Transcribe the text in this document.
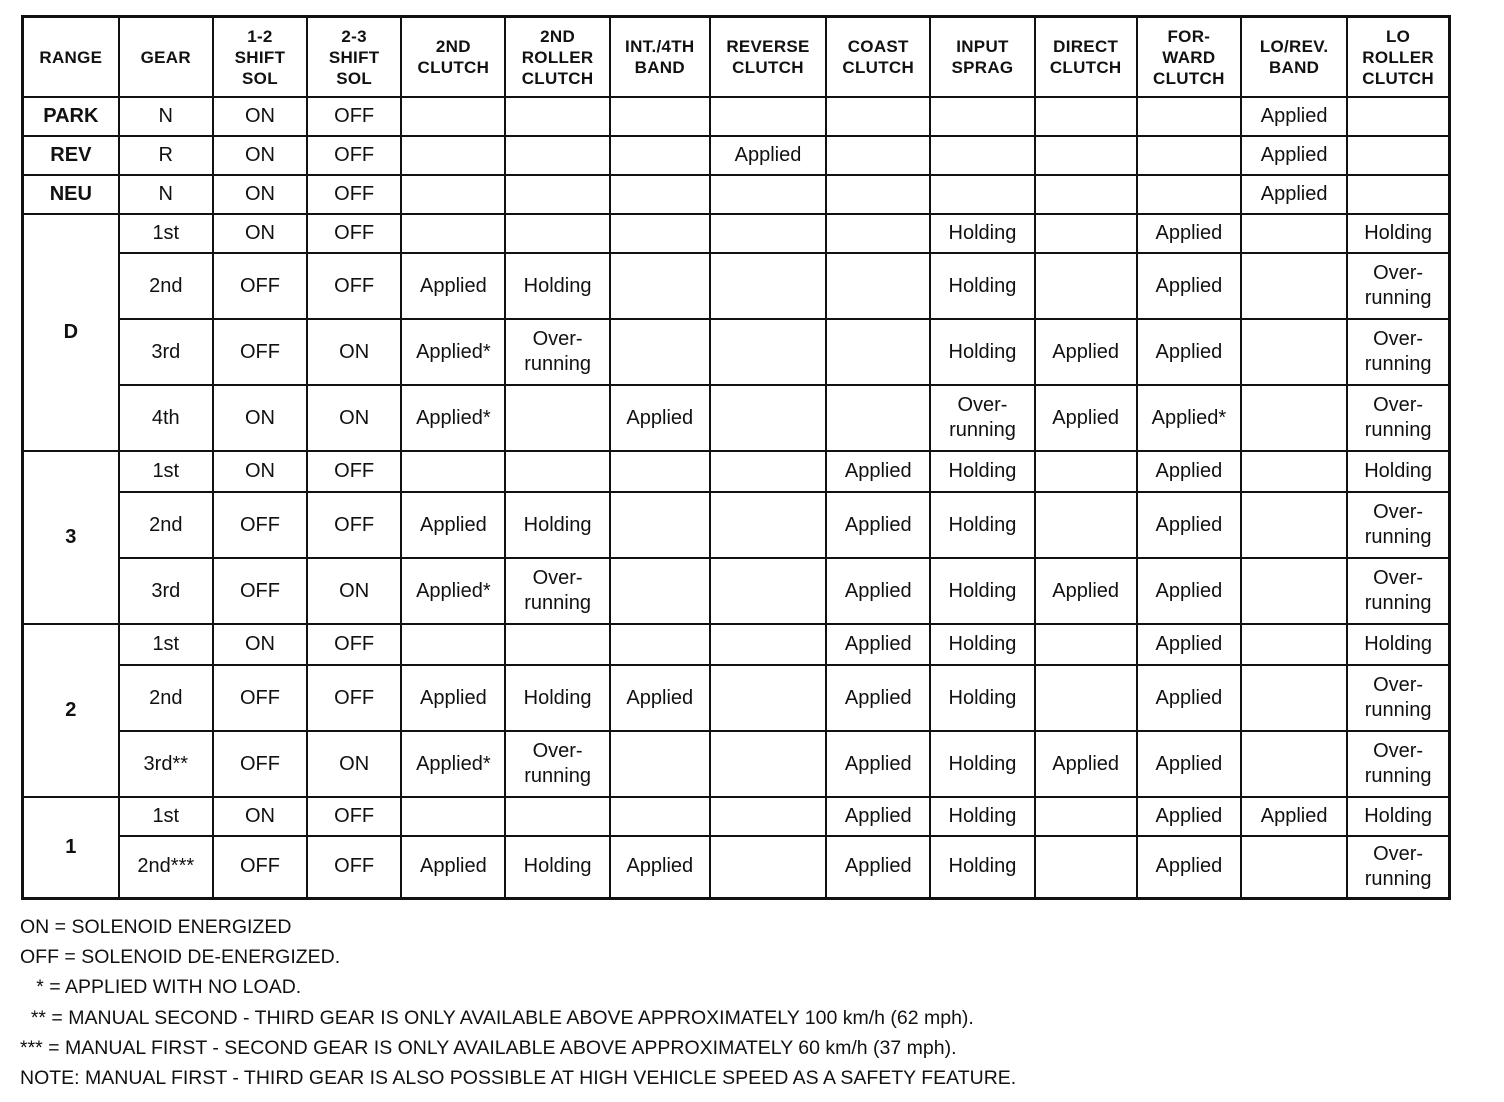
RANGE	GEAR	1-2
SHIFT
SOL	2-3
SHIFT
SOL	2ND
CLUTCH	2ND
ROLLER
CLUTCH	INT./4TH
BAND	REVERSE
CLUTCH	COAST
CLUTCH	INPUT
SPRAG	DIRECT
CLUTCH	FOR-
WARD
CLUTCH	LO/REV.
BAND	LO
ROLLER
CLUTCH
PARK	N	ON	OFF									Applied	
REV	R	ON	OFF				Applied					Applied	
NEU	N	ON	OFF									Applied	
D	1st	ON	OFF						Holding		Applied		Holding
	2nd	OFF	OFF	Applied	Holding				Holding		Applied		Over-
running
	3rd	OFF	ON	Applied*	Over-
running				Holding	Applied	Applied		Over-
running
	4th	ON	ON	Applied*		Applied			Over-
running	Applied	Applied*		Over-
running
3	1st	ON	OFF					Applied	Holding		Applied		Holding
	2nd	OFF	OFF	Applied	Holding			Applied	Holding		Applied		Over-
running
	3rd	OFF	ON	Applied*	Over-
running			Applied	Holding	Applied	Applied		Over-
running
2	1st	ON	OFF					Applied	Holding		Applied		Holding
	2nd	OFF	OFF	Applied	Holding	Applied		Applied	Holding		Applied		Over-
running
	3rd**	OFF	ON	Applied*	Over-
running			Applied	Holding	Applied	Applied		Over-
running
1	1st	ON	OFF					Applied	Holding		Applied	Applied	Holding
	2nd***	OFF	OFF	Applied	Holding	Applied		Applied	Holding		Applied		Over-
running
ON = SOLENOID ENERGIZED
OFF = SOLENOID DE-ENERGIZED.
* = APPLIED WITH NO LOAD.
** = MANUAL SECOND - THIRD GEAR IS ONLY AVAILABLE ABOVE APPROXIMATELY 100 km/h (62 mph).
*** = MANUAL FIRST - SECOND GEAR IS ONLY AVAILABLE ABOVE APPROXIMATELY 60 km/h (37 mph).
NOTE: MANUAL FIRST - THIRD GEAR IS ALSO POSSIBLE AT HIGH VEHICLE SPEED AS A SAFETY FEATURE.
